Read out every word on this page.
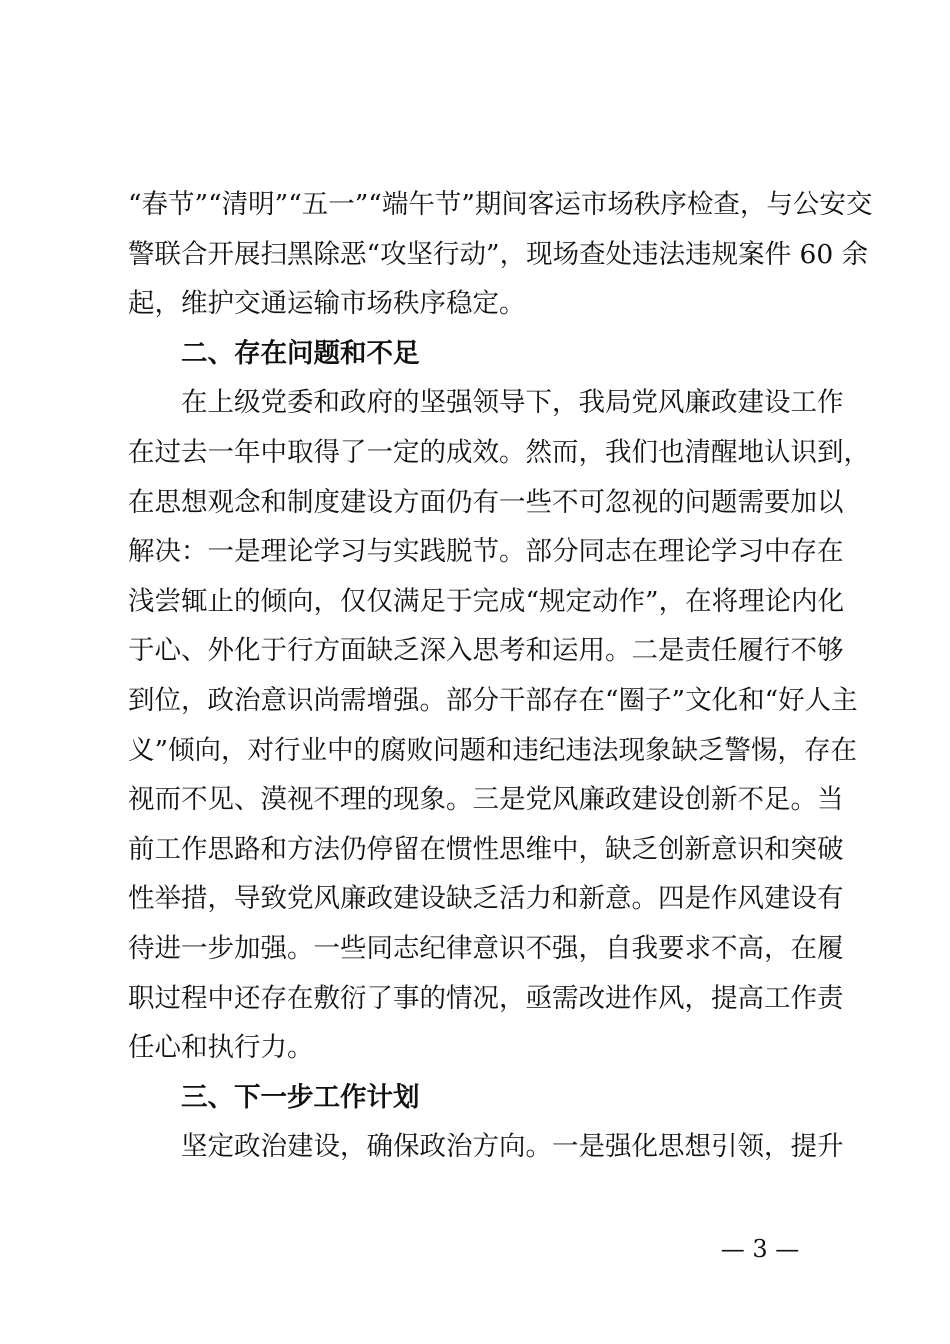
“春节”“清明”“五一”“端午节”期间客运市场秩序检查，与公安交
警联合开展扫黑除恶“攻坚行动”，现场查处违法违规案件 60 余
起，维护交通运输市场秩序稳定。
二、存在问题和不足
在上级党委和政府的坚强领导下，我局党风廉政建设工作
在过去一年中取得了一定的成效。然而，我们也清醒地认识到，
在思想观念和制度建设方面仍有一些不可忽视的问题需要加以
解决：一是理论学习与实践脱节。部分同志在理论学习中存在
浅尝辄止的倾向，仅仅满足于完成“规定动作”，在将理论内化
于心、外化于行方面缺乏深入思考和运用。二是责任履行不够
到位，政治意识尚需增强。部分干部存在“圈子”文化和“好人主
义”倾向，对行业中的腐败问题和违纪违法现象缺乏警惕，存在
视而不见、漠视不理的现象。三是党风廉政建设创新不足。当
前工作思路和方法仍停留在惯性思维中，缺乏创新意识和突破
性举措，导致党风廉政建设缺乏活力和新意。四是作风建设有
待进一步加强。一些同志纪律意识不强，自我要求不高，在履
职过程中还存在敷衍了事的情况，亟需改进作风，提高工作责
任心和执行力。
三、下一步工作计划
坚定政治建设，确保政治方向。一是强化思想引领，提升
— 3 —
